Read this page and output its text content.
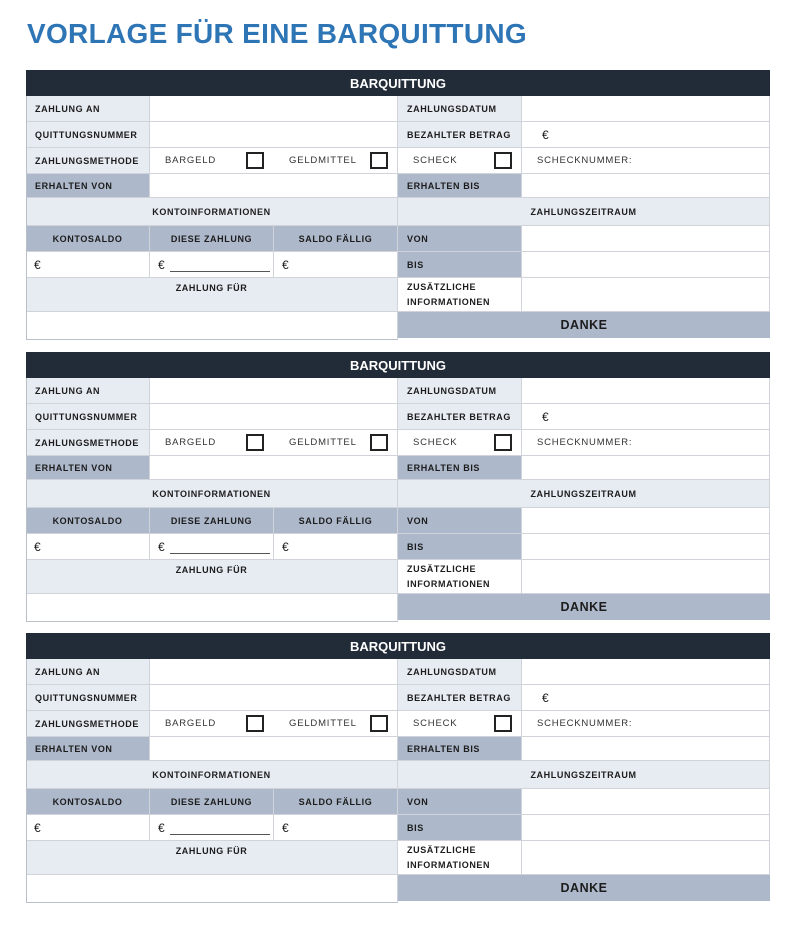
VORLAGE FÜR EINE BARQUITTUNG
BARQUITTUNG
ZAHLUNG AN	ZAHLUNGSDATUM
QUITTUNGSNUMMER	BEZAHLTER BETRAG	€
ZAHLUNGSMETHODE	BARGELD	GELDMITTEL	SCHECK	SCHECKNUMMER:
ERHALTEN VON	ERHALTEN BIS
KONTOINFORMATIONEN	ZAHLUNGSZEITRAUM
KONTOSALDO	DIESE ZAHLUNG	SALDO FÄLLIG	VON
€	€	€	BIS
ZAHLUNG FÜR	ZUSÄTZLICHE
INFORMATIONEN
DANKE
BARQUITTUNG
ZAHLUNG AN	ZAHLUNGSDATUM
QUITTUNGSNUMMER	BEZAHLTER BETRAG	€
ZAHLUNGSMETHODE	BARGELD	GELDMITTEL	SCHECK	SCHECKNUMMER:
ERHALTEN VON	ERHALTEN BIS
KONTOINFORMATIONEN	ZAHLUNGSZEITRAUM
KONTOSALDO	DIESE ZAHLUNG	SALDO FÄLLIG	VON
€	€	€	BIS
ZAHLUNG FÜR	ZUSÄTZLICHE
INFORMATIONEN
DANKE
BARQUITTUNG
ZAHLUNG AN	ZAHLUNGSDATUM
QUITTUNGSNUMMER	BEZAHLTER BETRAG	€
ZAHLUNGSMETHODE	BARGELD	GELDMITTEL	SCHECK	SCHECKNUMMER:
ERHALTEN VON	ERHALTEN BIS
KONTOINFORMATIONEN	ZAHLUNGSZEITRAUM
KONTOSALDO	DIESE ZAHLUNG	SALDO FÄLLIG	VON
€	€	€	BIS
ZAHLUNG FÜR	ZUSÄTZLICHE
INFORMATIONEN
DANKE
